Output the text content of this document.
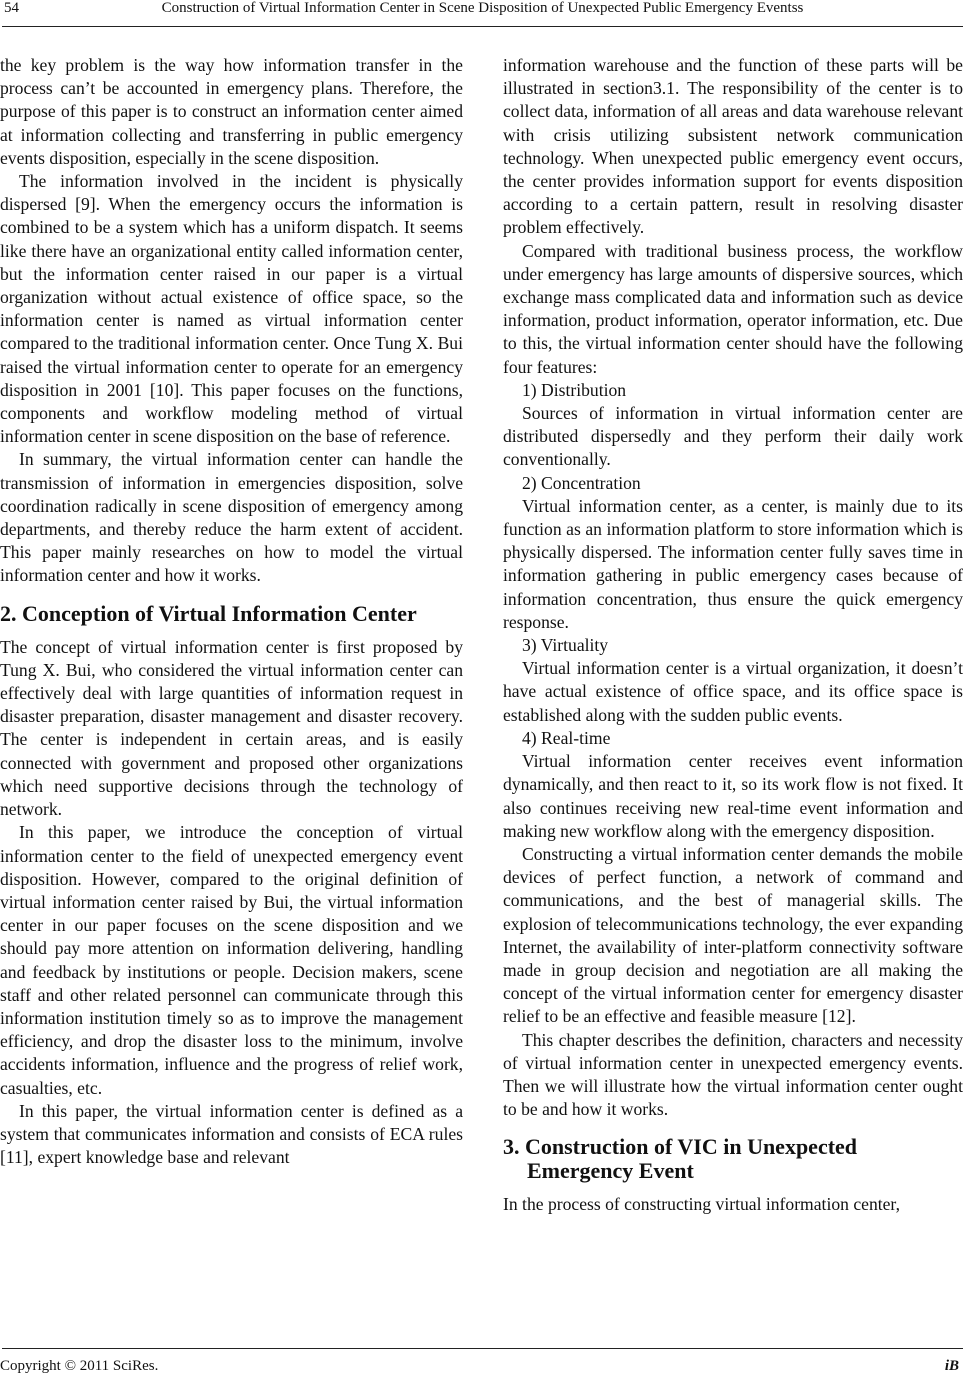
54	Construction of Virtual Information Center in Scene Disposition of Unexpected Public Emergency Eventss

the key problem is the way how information transfer in the process can’t be accounted in emergency plans. Therefore, the purpose of this paper is to construct an information center aimed at information collecting and transferring in public emergency events disposition, especially in the scene disposition.

The information involved in the incident is physically dispersed [9]. When the emergency occurs the information is combined to be a system which has a uniform dispatch. It seems like there have an organizational entity called information center, but the information center raised in our paper is a virtual organization without actual existence of office space, so the information center is named as virtual information center compared to the traditional information center. Once Tung X. Bui raised the virtual information center to operate for an emergency disposition in 2001 [10]. This paper focuses on the functions, components and workflow modeling method of virtual information center in scene disposition on the base of reference.

In summary, the virtual information center can handle the transmission of information in emergencies disposition, solve coordination radically in scene disposition of emergency among departments, and thereby reduce the harm extent of accident. This paper mainly researches on how to model the virtual information center and how it works.

2. Conception of Virtual Information Center

The concept of virtual information center is first proposed by Tung X. Bui, who considered the virtual information center can effectively deal with large quantities of information request in disaster preparation, disaster management and disaster recovery. The center is independent in certain areas, and is easily connected with government and proposed other organizations which need supportive decisions through the technology of network.

In this paper, we introduce the conception of virtual information center to the field of unexpected emergency event disposition. However, compared to the original definition of virtual information center raised by Bui, the virtual information center in our paper focuses on the scene disposition and we should pay more attention on information delivering, handling and feedback by institutions or people. Decision makers, scene staff and other related personnel can communicate through this information institution timely so as to improve the management efficiency, and drop the disaster loss to the minimum, involve accidents information, influence and the progress of relief work, casualties, etc.

In this paper, the virtual information center is defined as a system that communicates information and consists of ECA rules [11], expert knowledge base and relevant

information warehouse and the function of these parts will be illustrated in section3.1. The responsibility of the center is to collect data, information of all areas and data warehouse relevant with crisis utilizing subsistent network communication technology. When unexpected public emergency event occurs, the center provides information support for events disposition according to a certain pattern, result in resolving disaster problem effectively.

Compared with traditional business process, the workflow under emergency has large amounts of dispersive sources, which exchange mass complicated data and information such as device information, product information, operator information, etc. Due to this, the virtual information center should have the following four features:

1) Distribution

Sources of information in virtual information center are distributed dispersedly and they perform their daily work conventionally.

2) Concentration

Virtual information center, as a center, is mainly due to its function as an information platform to store information which is physically dispersed. The information center fully saves time in information gathering in public emergency cases because of information concentration, thus ensure the quick emergency response.

3) Virtuality

Virtual information center is a virtual organization, it doesn’t have actual existence of office space, and its office space is established along with the sudden public events.

4) Real-time

Virtual information center receives event information dynamically, and then react to it, so its work flow is not fixed. It also continues receiving new real-time event information and making new workflow along with the emergency disposition.

Constructing a virtual information center demands the mobile devices of perfect function, a network of command and communications, and the best of managerial skills. The explosion of telecommunications technology, the ever expanding Internet, the availability of inter-platform connectivity software made in group decision and negotiation are all making the concept of the virtual information center for emergency disaster relief to be an effective and feasible measure [12].

This chapter describes the definition, characters and necessity of virtual information center in unexpected emergency events. Then we will illustrate how the virtual information center ought to be and how it works.

3. Construction of VIC in Unexpected Emergency Event

In the process of constructing virtual information center,

Copyright © 2011 SciRes.	iB
